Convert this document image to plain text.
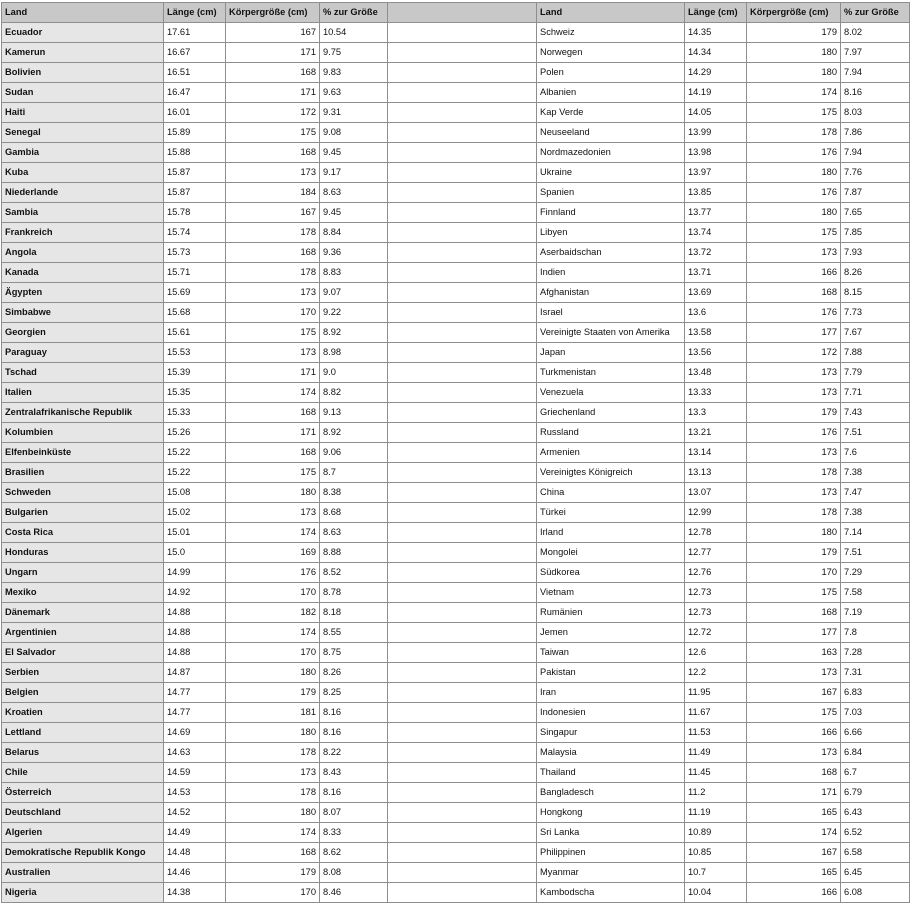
Land	Länge (cm)	Körpergröße (cm)	% zur Größe		Land	Länge (cm)	Körpergröße (cm)	% zur Größe
Ecuador	17.61	167	10.54		Schweiz	14.35	179	8.02
Kamerun	16.67	171	9.75		Norwegen	14.34	180	7.97
Bolivien	16.51	168	9.83		Polen	14.29	180	7.94
Sudan	16.47	171	9.63		Albanien	14.19	174	8.16
Haiti	16.01	172	9.31		Kap Verde	14.05	175	8.03
Senegal	15.89	175	9.08		Neuseeland	13.99	178	7.86
Gambia	15.88	168	9.45		Nordmazedonien	13.98	176	7.94
Kuba	15.87	173	9.17		Ukraine	13.97	180	7.76
Niederlande	15.87	184	8.63		Spanien	13.85	176	7.87
Sambia	15.78	167	9.45		Finnland	13.77	180	7.65
Frankreich	15.74	178	8.84		Libyen	13.74	175	7.85
Angola	15.73	168	9.36		Aserbaidschan	13.72	173	7.93
Kanada	15.71	178	8.83		Indien	13.71	166	8.26
Ägypten	15.69	173	9.07		Afghanistan	13.69	168	8.15
Simbabwe	15.68	170	9.22		Israel	13.6	176	7.73
Georgien	15.61	175	8.92		Vereinigte Staaten von Amerika	13.58	177	7.67
Paraguay	15.53	173	8.98		Japan	13.56	172	7.88
Tschad	15.39	171	9.0		Turkmenistan	13.48	173	7.79
Italien	15.35	174	8.82		Venezuela	13.33	173	7.71
Zentralafrikanische Republik	15.33	168	9.13		Griechenland	13.3	179	7.43
Kolumbien	15.26	171	8.92		Russland	13.21	176	7.51
Elfenbeinküste	15.22	168	9.06		Armenien	13.14	173	7.6
Brasilien	15.22	175	8.7		Vereinigtes Königreich	13.13	178	7.38
Schweden	15.08	180	8.38		China	13.07	173	7.47
Bulgarien	15.02	173	8.68		Türkei	12.99	178	7.38
Costa Rica	15.01	174	8.63		Irland	12.78	180	7.14
Honduras	15.0	169	8.88		Mongolei	12.77	179	7.51
Ungarn	14.99	176	8.52		Südkorea	12.76	170	7.29
Mexiko	14.92	170	8.78		Vietnam	12.73	175	7.58
Dänemark	14.88	182	8.18		Rumänien	12.73	168	7.19
Argentinien	14.88	174	8.55		Jemen	12.72	177	7.8
El Salvador	14.88	170	8.75		Taiwan	12.6	163	7.28
Serbien	14.87	180	8.26		Pakistan	12.2	173	7.31
Belgien	14.77	179	8.25		Iran	11.95	167	6.83
Kroatien	14.77	181	8.16		Indonesien	11.67	175	7.03
Lettland	14.69	180	8.16		Singapur	11.53	166	6.66
Belarus	14.63	178	8.22		Malaysia	11.49	173	6.84
Chile	14.59	173	8.43		Thailand	11.45	168	6.7
Österreich	14.53	178	8.16		Bangladesch	11.2	171	6.79
Deutschland	14.52	180	8.07		Hongkong	11.19	165	6.43
Algerien	14.49	174	8.33		Sri Lanka	10.89	174	6.52
Demokratische Republik Kongo	14.48	168	8.62		Philippinen	10.85	167	6.58
Australien	14.46	179	8.08		Myanmar	10.7	165	6.45
Nigeria	14.38	170	8.46		Kambodscha	10.04	166	6.08
